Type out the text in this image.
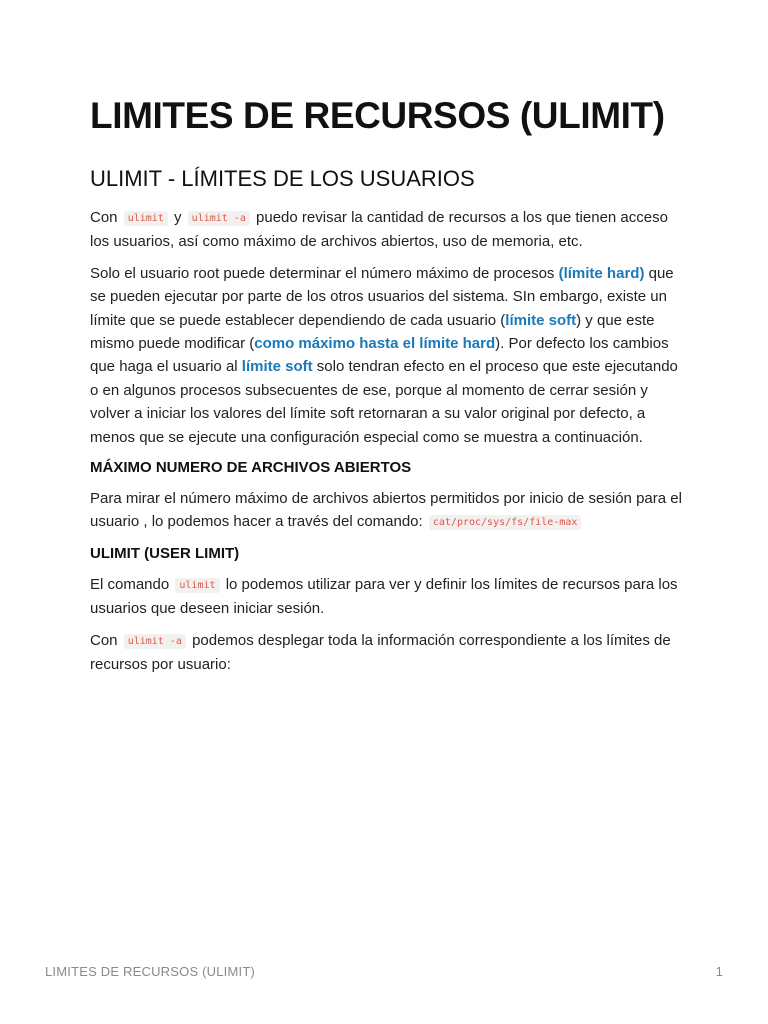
LIMITES DE RECURSOS (ULIMIT)
ULIMIT - LÍMITES DE LOS USUARIOS

Con ulimit y ulimit -a puedo revisar la cantidad de recursos a los que tienen acceso los usuarios, así como máximo de archivos abiertos, uso de memoria, etc.

Solo el usuario root puede determinar el número máximo de procesos (límite hard) que se pueden ejecutar por parte de los otros usuarios del sistema. SIn embargo, existe un límite que se puede establecer dependiendo de cada usuario (límite soft) y que este mismo puede modificar (como máximo hasta el límite hard). Por defecto los cambios que haga el usuario al límite soft solo tendran efecto en el proceso que este ejecutando o en algunos procesos subsecuentes de ese, porque al momento de cerrar sesión y volver a iniciar los valores del límite soft retornaran a su valor original por defecto, a menos que se ejecute una configuración especial como se muestra a continuación.

MÁXIMO NUMERO DE ARCHIVOS ABIERTOS

Para mirar el número máximo de archivos abiertos permitidos por inicio de sesión para el usuario , lo podemos hacer a través del comando: cat/proc/sys/fs/file-max

ULIMIT (USER LIMIT)

El comando ulimit lo podemos utilizar para ver y definir los límites de recursos para los usuarios que deseen iniciar sesión.

Con ulimit -a podemos desplegar toda la información correspondiente a los límites de recursos por usuario:

LIMITES DE RECURSOS (ULIMIT)	1
